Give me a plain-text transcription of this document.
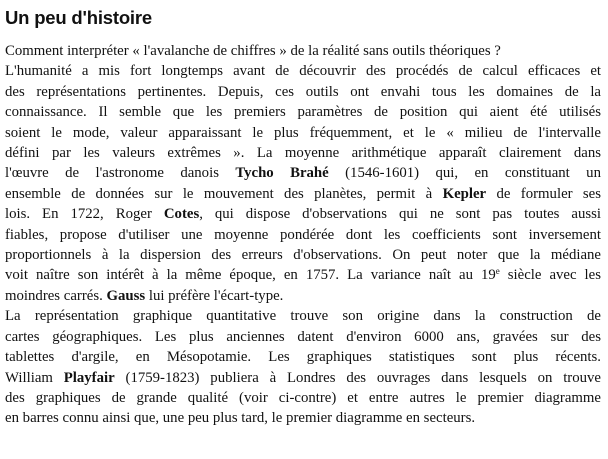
Un peu d'histoire
Comment interpréter « l'avalanche de chiffres » de la réalité sans outils théoriques ?
L'humanité a mis fort longtemps avant de découvrir des procédés de calcul efficaces et
des représentations pertinentes. Depuis, ces outils ont envahi tous les domaines de la
connaissance. Il semble que les premiers paramètres de position qui aient été utilisés
soient le mode, valeur apparaissant le plus fréquemment, et le « milieu de l'intervalle
défini par les valeurs extrêmes ». La moyenne arithmétique apparaît clairement dans
l'œuvre de l'astronome danois Tycho Brahé (1546-1601) qui, en constituant un
ensemble de données sur le mouvement des planètes, permit à Kepler de formuler ses
lois. En 1722, Roger Cotes, qui dispose d'observations qui ne sont pas toutes aussi
fiables, propose d'utiliser une moyenne pondérée dont les coefficients sont inversement
proportionnels à la dispersion des erreurs d'observations. On peut noter que la médiane
voit naître son intérêt à la même époque, en 1757. La variance naît au 19e siècle avec les
moindres carrés. Gauss lui préfère l'écart-type.
La représentation graphique quantitative trouve son origine dans la construction de
cartes géographiques. Les plus anciennes datent d'environ 6000 ans, gravées sur des
tablettes d'argile, en Mésopotamie. Les graphiques statistiques sont plus récents.
William Playfair (1759-1823) publiera à Londres des ouvrages dans lesquels on trouve
des graphiques de grande qualité (voir ci-contre) et entre autres le premier diagramme
en barres connu ainsi que, une peu plus tard, le premier diagramme en secteurs.
